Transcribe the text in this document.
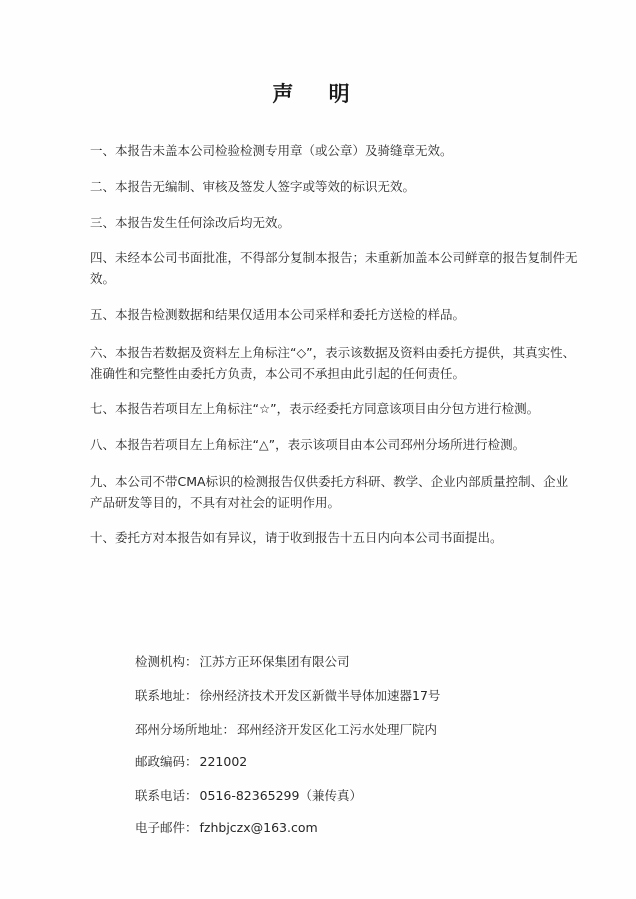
声 明
一、本报告未盖本公司检验检测专用章（或公章）及骑缝章无效。
二、本报告无编制、审核及签发人签字或等效的标识无效。
三、本报告发生任何涂改后均无效。
四、未经本公司书面批准，不得部分复制本报告；未重新加盖本公司鲜章的报告复制件无效。
五、本报告检测数据和结果仅适用本公司采样和委托方送检的样品。
六、本报告若数据及资料左上角标注“◇”，表示该数据及资料由委托方提供，其真实性、准确性和完整性由委托方负责，本公司不承担由此引起的任何责任。
七、本报告若项目左上角标注“☆”，表示经委托方同意该项目由分包方进行检测。
八、本报告若项目左上角标注“△”，表示该项目由本公司邳州分场所进行检测。
九、本公司不带CMA标识的检测报告仅供委托方科研、教学、企业内部质量控制、企业产品研发等目的，不具有对社会的证明作用。
十、委托方对本报告如有异议，请于收到报告十五日内向本公司书面提出。
检测机构： 江苏方正环保集团有限公司
联系地址： 徐州经济技术开发区新微半导体加速器17号
邳州分场所地址： 邳州经济开发区化工污水处理厂院内
邮政编码： 221002
联系电话： 0516-82365299（兼传真）
电子邮件： fzhbjczx@163.com
